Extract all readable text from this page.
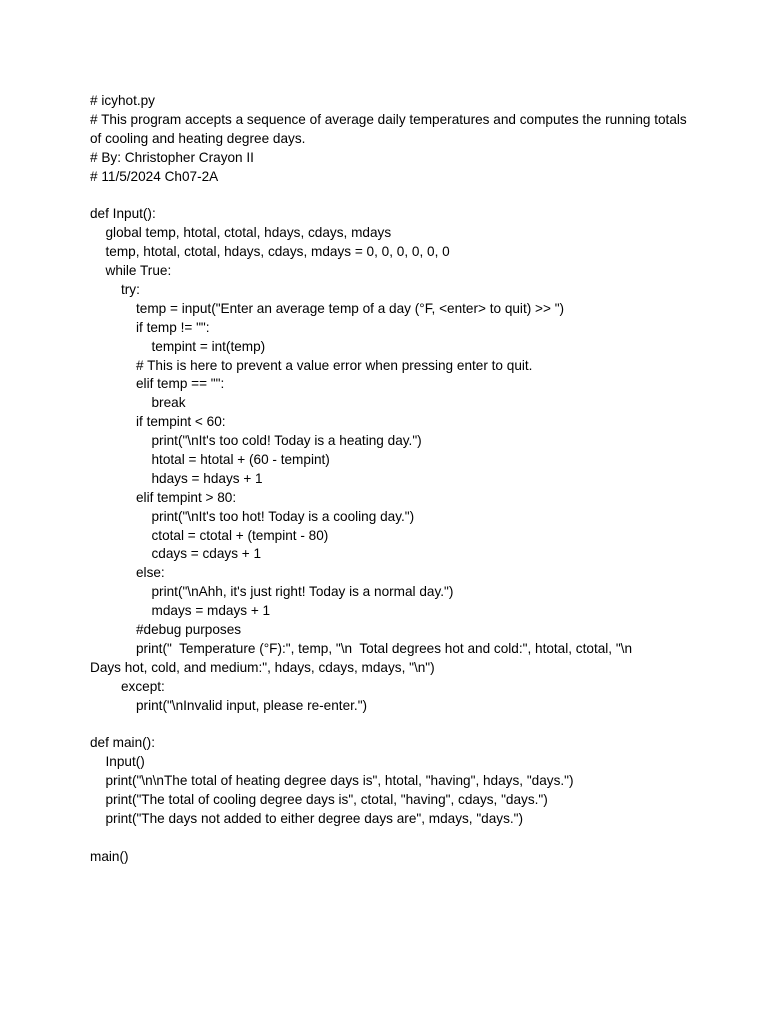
# icyhot.py
# This program accepts a sequence of average daily temperatures and computes the running totals of cooling and heating degree days.
# By: Christopher Crayon II
# 11/5/2024 Ch07-2A
def Input():
global temp, htotal, ctotal, hdays, cdays, mdays
temp, htotal, ctotal, hdays, cdays, mdays = 0, 0, 0, 0, 0, 0
while True:
try:
temp = input("Enter an average temp of a day (°F, <enter> to quit) >> ")
if temp != "":
tempint = int(temp)
# This is here to prevent a value error when pressing enter to quit.
elif temp == "":
break
if tempint < 60:
print("\nIt's too cold! Today is a heating day.")
htotal = htotal + (60 - tempint)
hdays = hdays + 1
elif tempint > 80:
print("\nIt's too hot! Today is a cooling day.")
ctotal = ctotal + (tempint - 80)
cdays = cdays + 1
else:
print("\nAhh, it's just right! Today is a normal day.")
mdays = mdays + 1
#debug purposes
print("  Temperature (°F):", temp, "\n  Total degrees hot and cold:", htotal, ctotal, "\n
Days hot, cold, and medium:", hdays, cdays, mdays, "\n")
except:
print("\nInvalid input, please re-enter.")
def main():
Input()
print("\n\nThe total of heating degree days is", htotal, "having", hdays, "days.")
print("The total of cooling degree days is", ctotal, "having", cdays, "days.")
print("The days not added to either degree days are", mdays, "days.")
main()
